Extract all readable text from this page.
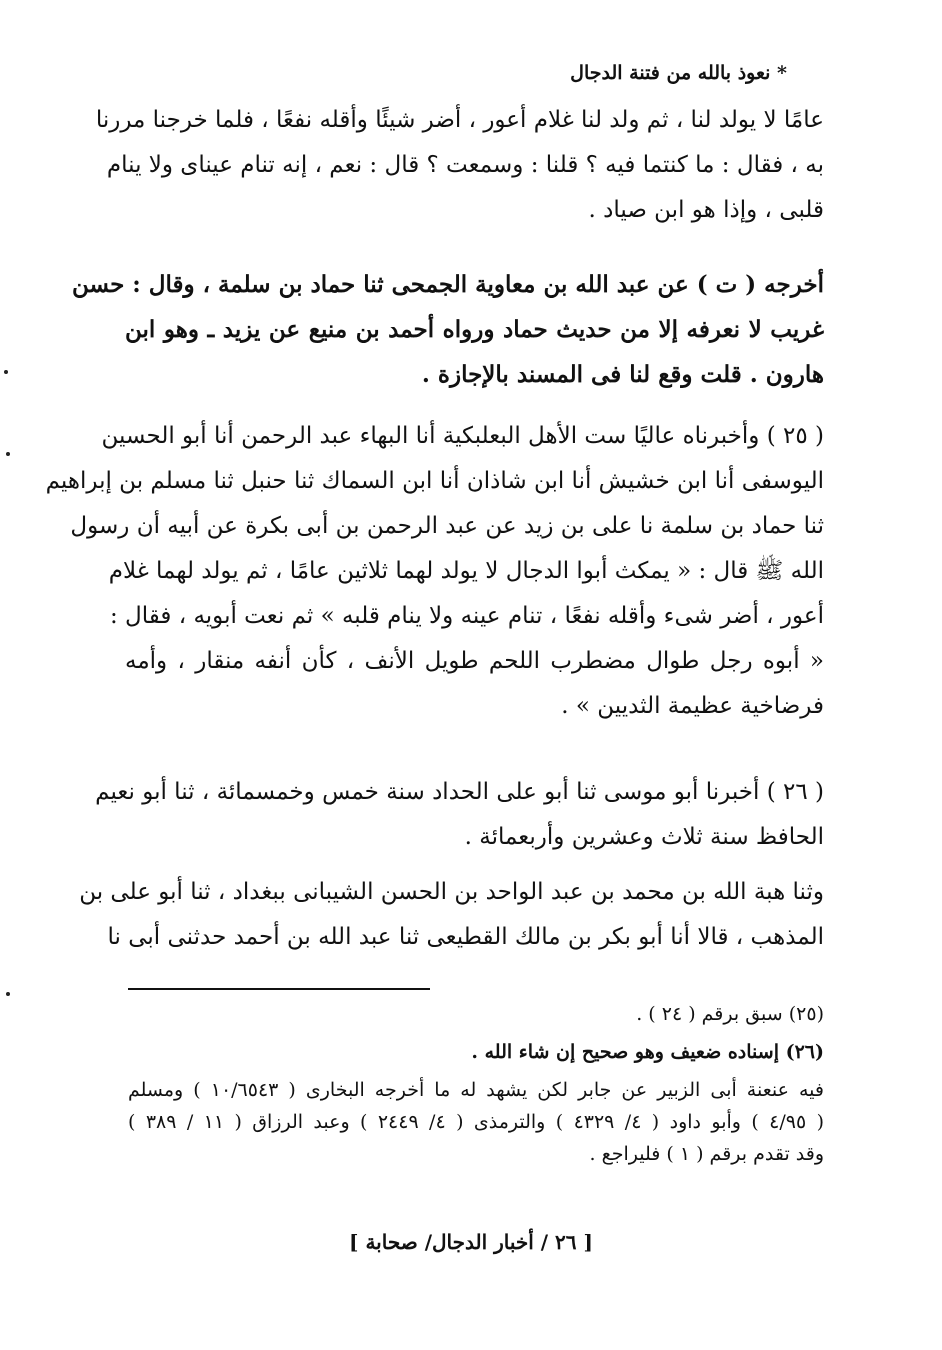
* نعوذ بالله من فتنة الدجال
عامًا لا يولد لنا ، ثم ولد لنا غلام أعور ، أضر شيئًا وأقله نفعًا ، فلما خرجنا مررنا
به ، فقال : ما كنتما فيه ؟ قلنا : وسمعت ؟ قال : نعم ، إنه تنام عيناى ولا ينام
قلبى ، وإذا هو ابن صياد .
أخرجه ( ت ) عن عبد الله بن معاوية الجمحى ثنا حماد بن سلمة ، وقال : حسن
غريب لا نعرفه إلا من حديث حماد ورواه أحمد بن منيع عن يزيد ـ وهو ابن
هارون . قلت وقع لنا فى المسند بالإجازة .
( ٢٥ ) وأخبرناه عاليًا ست الأهل البعلبكية أنا البهاء عبد الرحمن أنا أبو الحسين
اليوسفى أنا ابن خشيش أنا ابن شاذان أنا ابن السماك ثنا حنبل ثنا مسلم بن إبراهيم
ثنا حماد بن سلمة نا على بن زيد عن عبد الرحمن بن أبى بكرة عن أبيه أن رسول
الله ﷺ قال : « يمكث أبوا الدجال لا يولد لهما ثلاثين عامًا ، ثم يولد لهما غلام
أعور ، أضر شىء وأقله نفعًا ، تنام عينه ولا ينام قلبه » ثم نعت أبويه ، فقال :
« أبوه رجل طوال مضطرب اللحم طويل الأنف ، كأن أنفه منقار ، وأمه
فرضاخية عظيمة الثديين » .
( ٢٦ ) أخبرنا أبو موسى ثنا أبو على الحداد سنة خمس وخمسمائة ، ثنا أبو نعيم
الحافظ سنة ثلاث وعشرين وأربعمائة .
وثنا هبة الله بن محمد بن عبد الواحد بن الحسن الشيبانى ببغداد ، ثنا أبو على بن
المذهب ، قالا أنا أبو بكر بن مالك القطيعى ثنا عبد الله بن أحمد حدثنى أبى نا
(٢٥) سبق برقم ( ٢٤ ) .
(٢٦) إسناده ضعيف وهو صحيح إن شاء الله .
فيه عنعنة أبى الزبير عن جابر لكن يشهد له ما أخرجه البخارى ( ١٠/٦٥٤٣ ) ومسلم
( ٤/٩٥ ) وأبو داود ( ٤/ ٤٣٢٩ ) والترمذى ( ٤/ ٢٤٤٩ ) وعبد الرزاق ( ١١ / ٣٨٩ )
وقد تقدم برقم ( ١ ) فليراجع .
[ ٢٦ / أخبار الدجال/ صحابة ]
